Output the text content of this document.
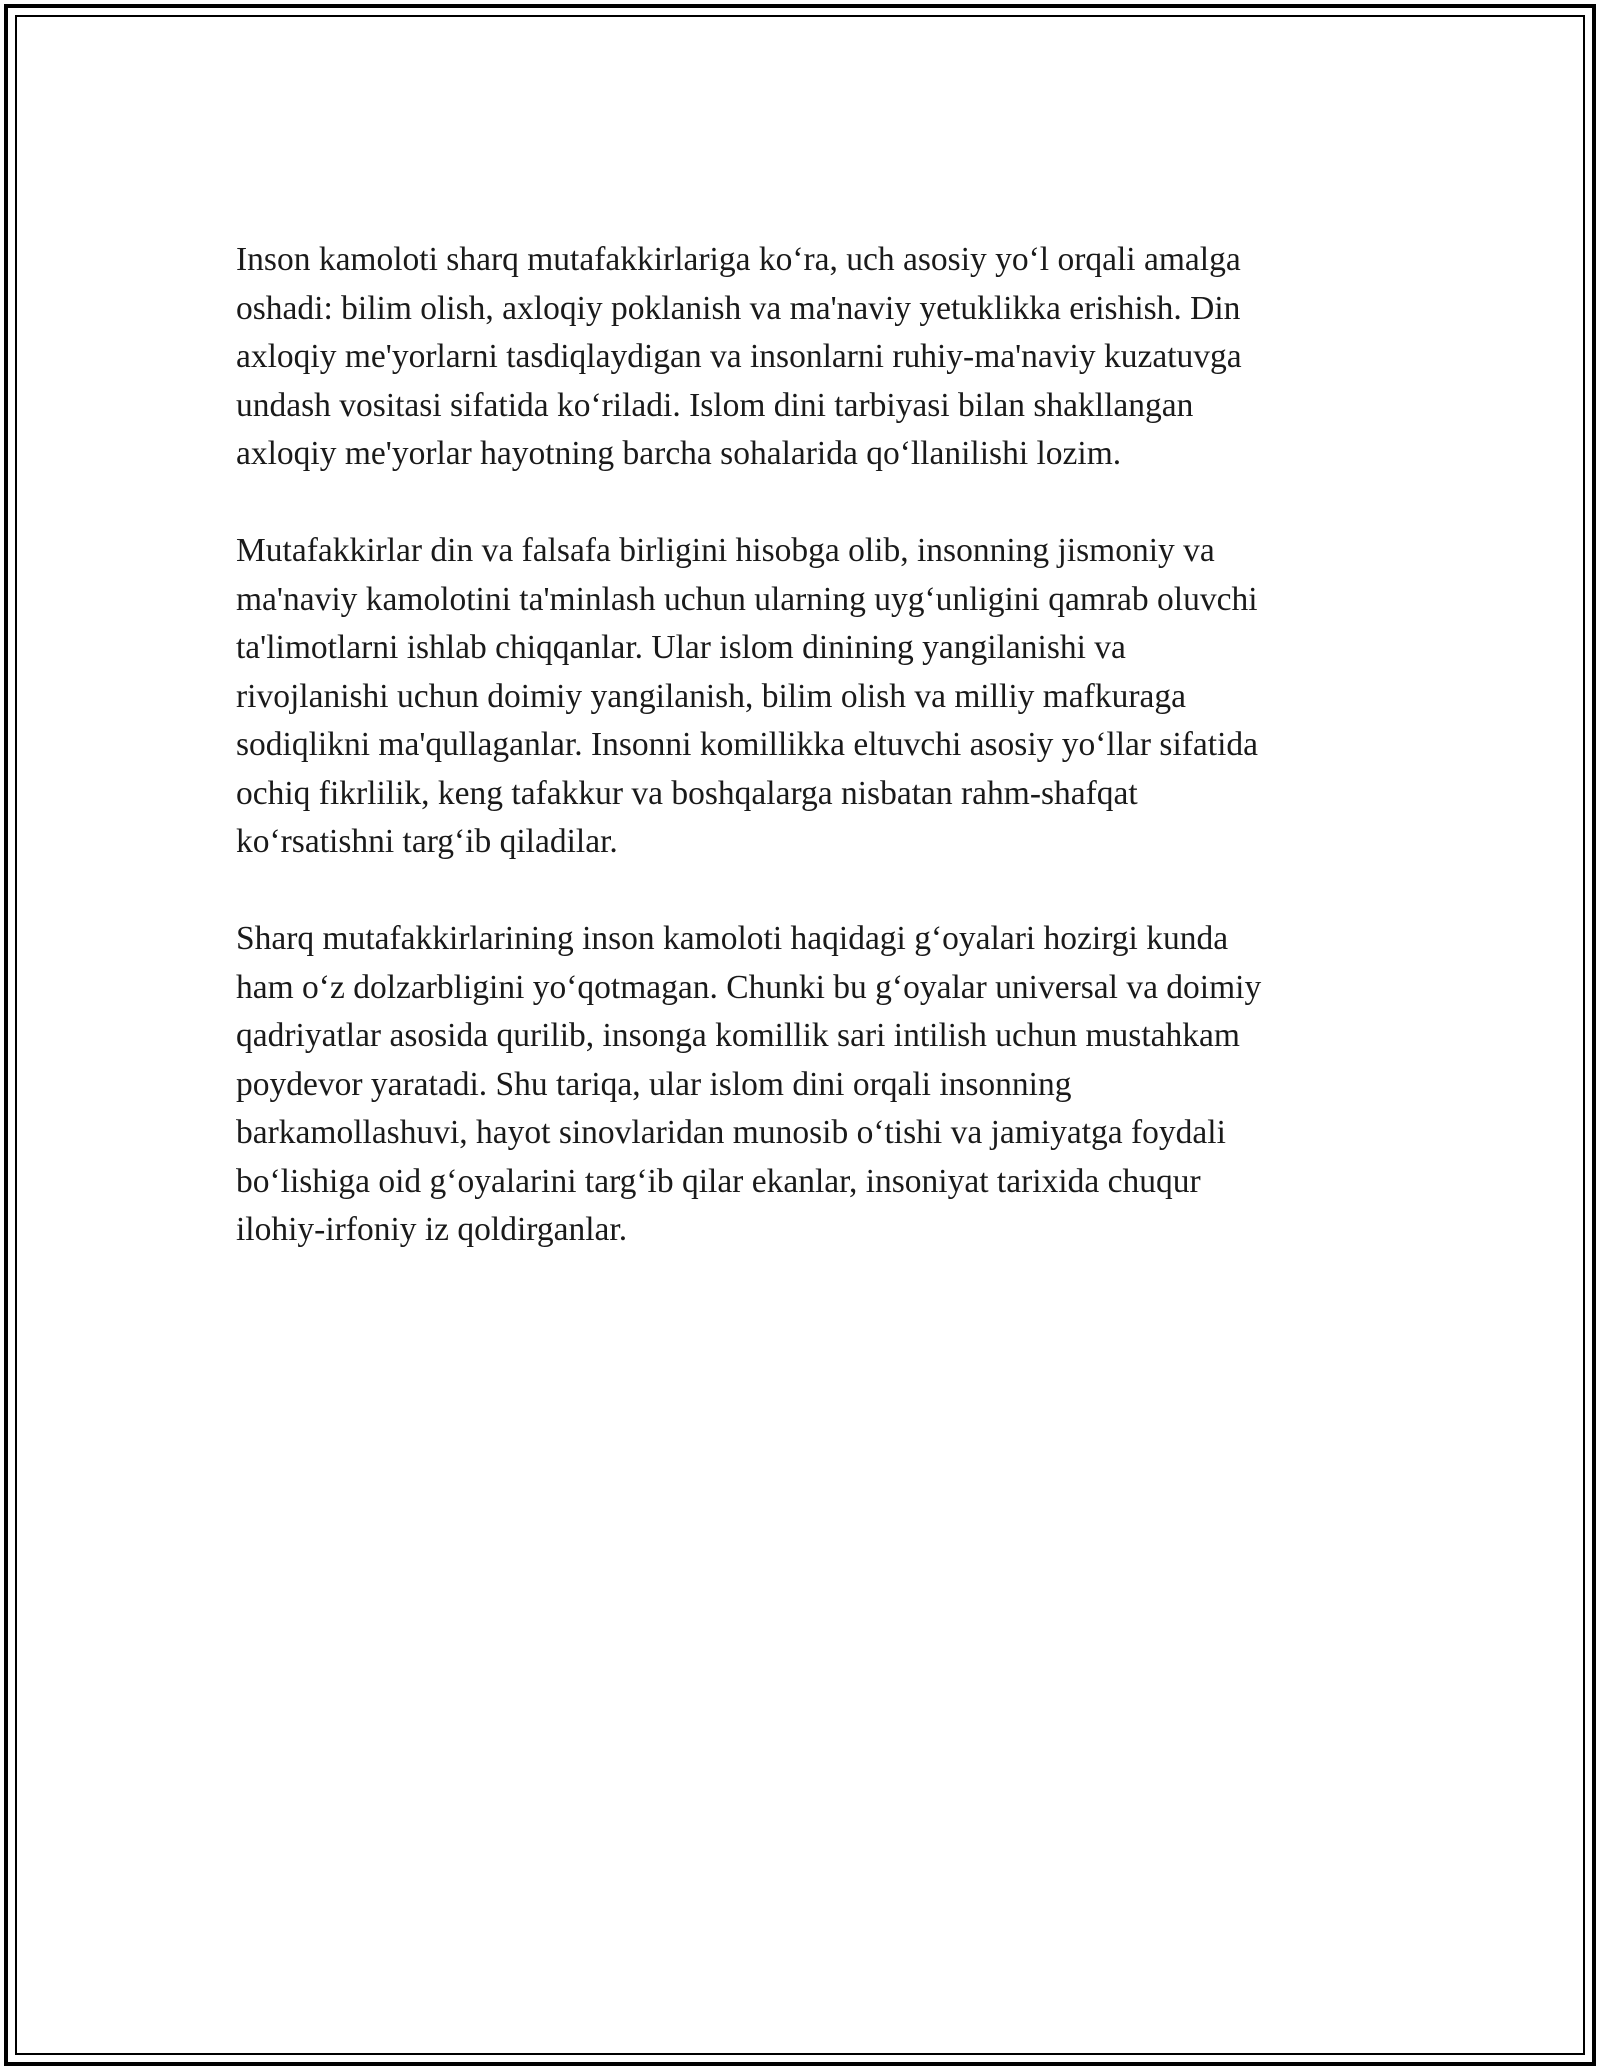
Inson kamoloti sharq mutafakkirlariga ko‘ra, uch asosiy yo‘l orqali amalga
oshadi: bilim olish, axloqiy poklanish va ma'naviy yetuklikka erishish. Din
axloqiy me'yorlarni tasdiqlaydigan va insonlarni ruhiy-ma'naviy kuzatuvga
undash vositasi sifatida ko‘riladi. Islom dini tarbiyasi bilan shakllangan
axloqiy me'yorlar hayotning barcha sohalarida qo‘llanilishi lozim.

Mutafakkirlar din va falsafa birligini hisobga olib, insonning jismoniy va
ma'naviy kamolotini ta'minlash uchun ularning uyg‘unligini qamrab oluvchi
ta'limotlarni ishlab chiqqanlar. Ular islom dinining yangilanishi va
rivojlanishi uchun doimiy yangilanish, bilim olish va milliy mafkuraga
sodiqlikni ma'qullaganlar. Insonni komillikka eltuvchi asosiy yo‘llar sifatida
ochiq fikrlilik, keng tafakkur va boshqalarga nisbatan rahm-shafqat
ko‘rsatishni targ‘ib qiladilar.

Sharq mutafakkirlarining inson kamoloti haqidagi g‘oyalari hozirgi kunda
ham o‘z dolzarbligini yo‘qotmagan. Chunki bu g‘oyalar universal va doimiy
qadriyatlar asosida qurilib, insonga komillik sari intilish uchun mustahkam
poydevor yaratadi. Shu tariqa, ular islom dini orqali insonning
barkamollashuvi, hayot sinovlaridan munosib o‘tishi va jamiyatga foydali
bo‘lishiga oid g‘oyalarini targ‘ib qilar ekanlar, insoniyat tarixida chuqur
ilohiy-irfoniy iz qoldirganlar.
